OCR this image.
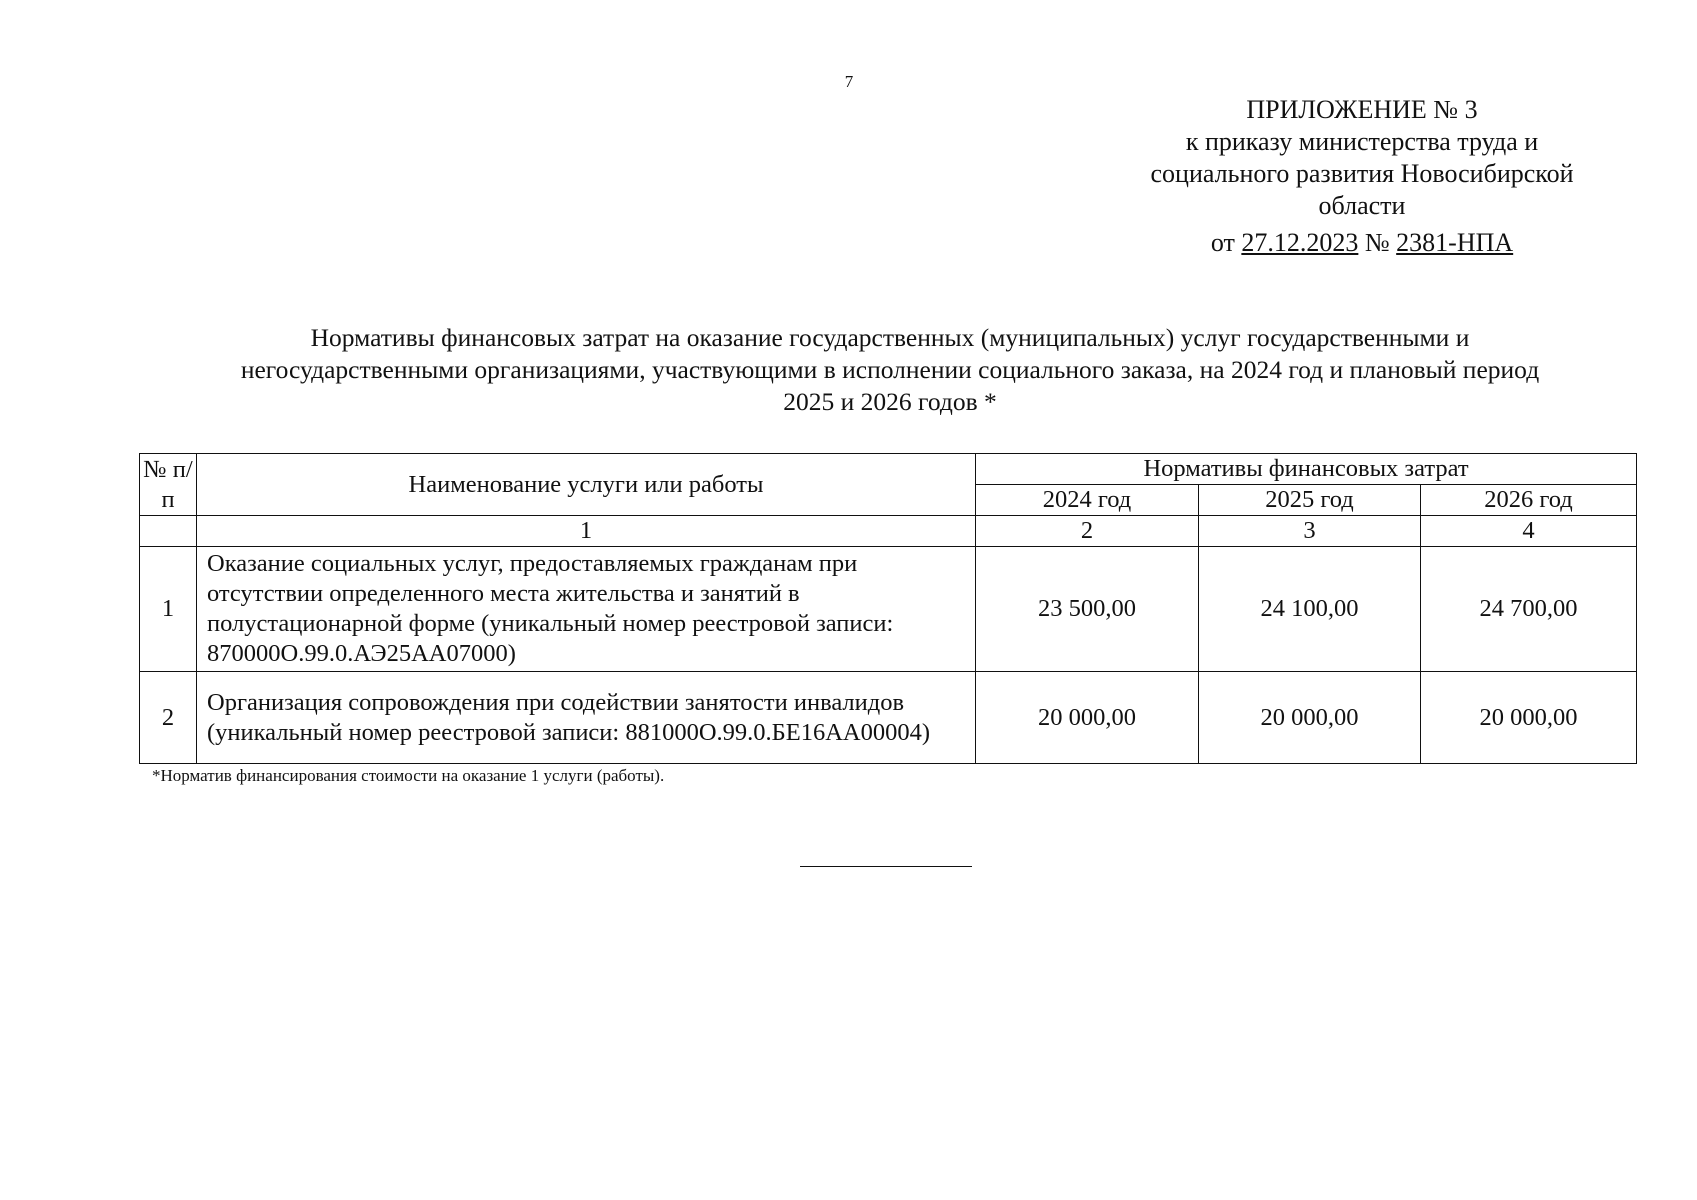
7
ПРИЛОЖЕНИЕ № 3
к приказу министерства труда и
социального развития Новосибирской
области
от 27.12.2023 № 2381-НПА
Нормативы финансовых затрат на оказание государственных (муниципальных) услуг государственными и
негосударственными организациями, участвующими в исполнении социального заказа, на 2024 год и плановый период
2025 и 2026 годов *
№ п/п	Наименование услуги или работы	Нормативы финансовых затрат		
		2024 год	2025 год	2026 год
	1	2	3	4
1	Оказание социальных услуг, предоставляемых гражданам при отсутствии определенного места жительства и занятий в полустационарной форме (уникальный номер реестровой записи: 870000О.99.0.АЭ25АА07000)	23 500,00	24 100,00	24 700,00
2	Организация сопровождения при содействии занятости инвалидов (уникальный номер реестровой записи: 881000О.99.0.БЕ16АА00004)	20 000,00	20 000,00	20 000,00
*Норматив финансирования стоимости на оказание 1 услуги (работы).
